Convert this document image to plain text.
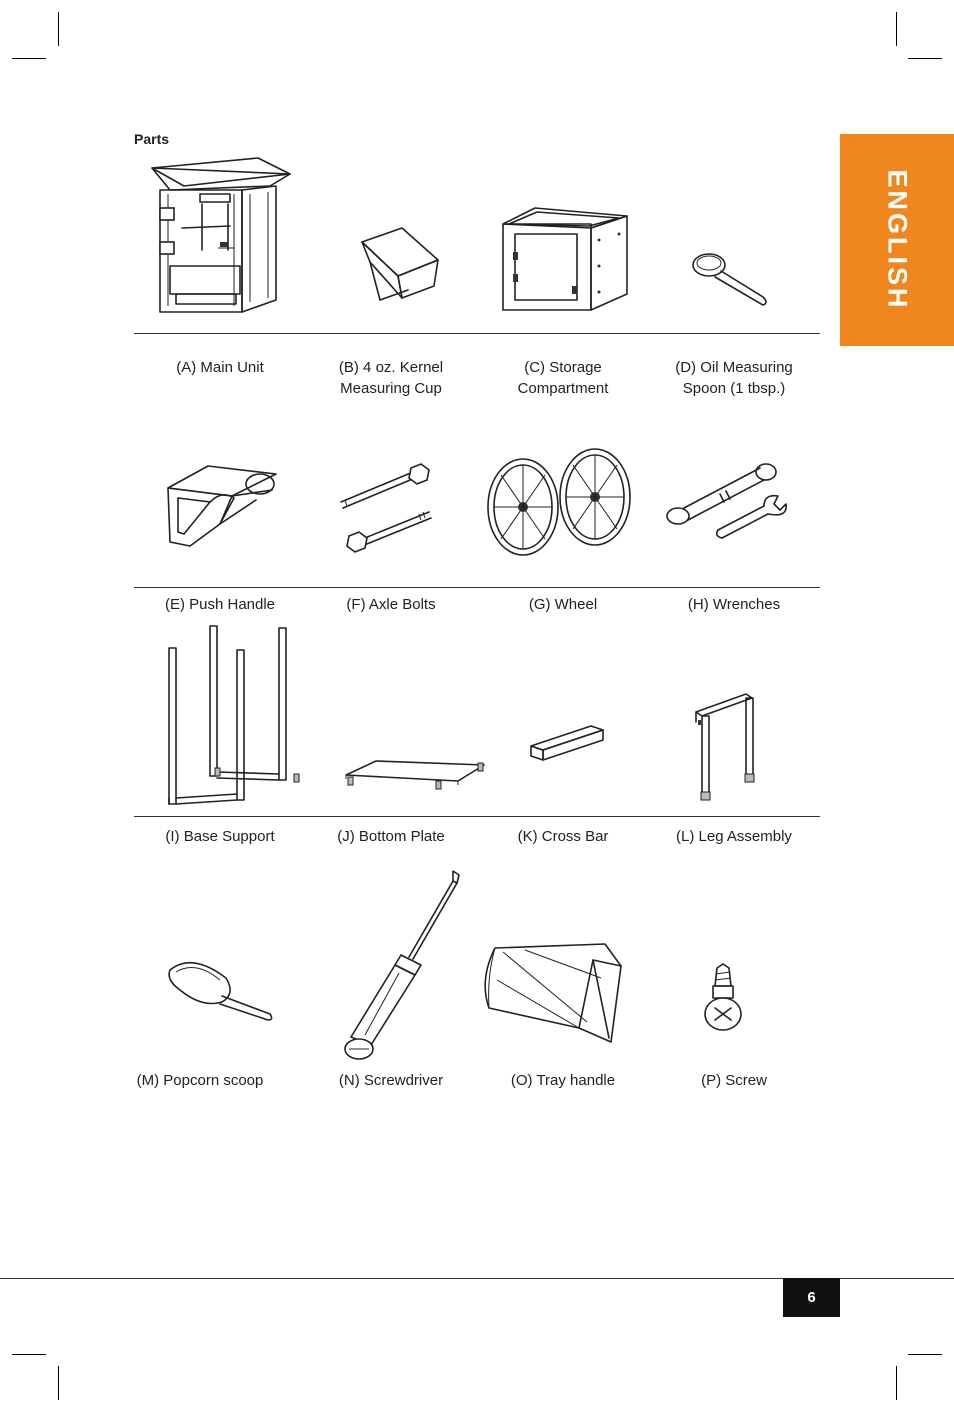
ENGLISH
Parts
(A) Main Unit	(B) 4 oz. Kernel
Measuring Cup
(C) Storage
Compartment
(D) Oil Measuring
Spoon (1 tbsp.)
(E) Push Handle	(F) Axle Bolts	(G) Wheel	(H) Wrenches
(I) Base Support	(J) Bottom Plate	(K) Cross Bar	(L) Leg Assembly
(M) Popcorn scoop	(N) Screwdriver	(O) Tray handle	(P) Screw
6
